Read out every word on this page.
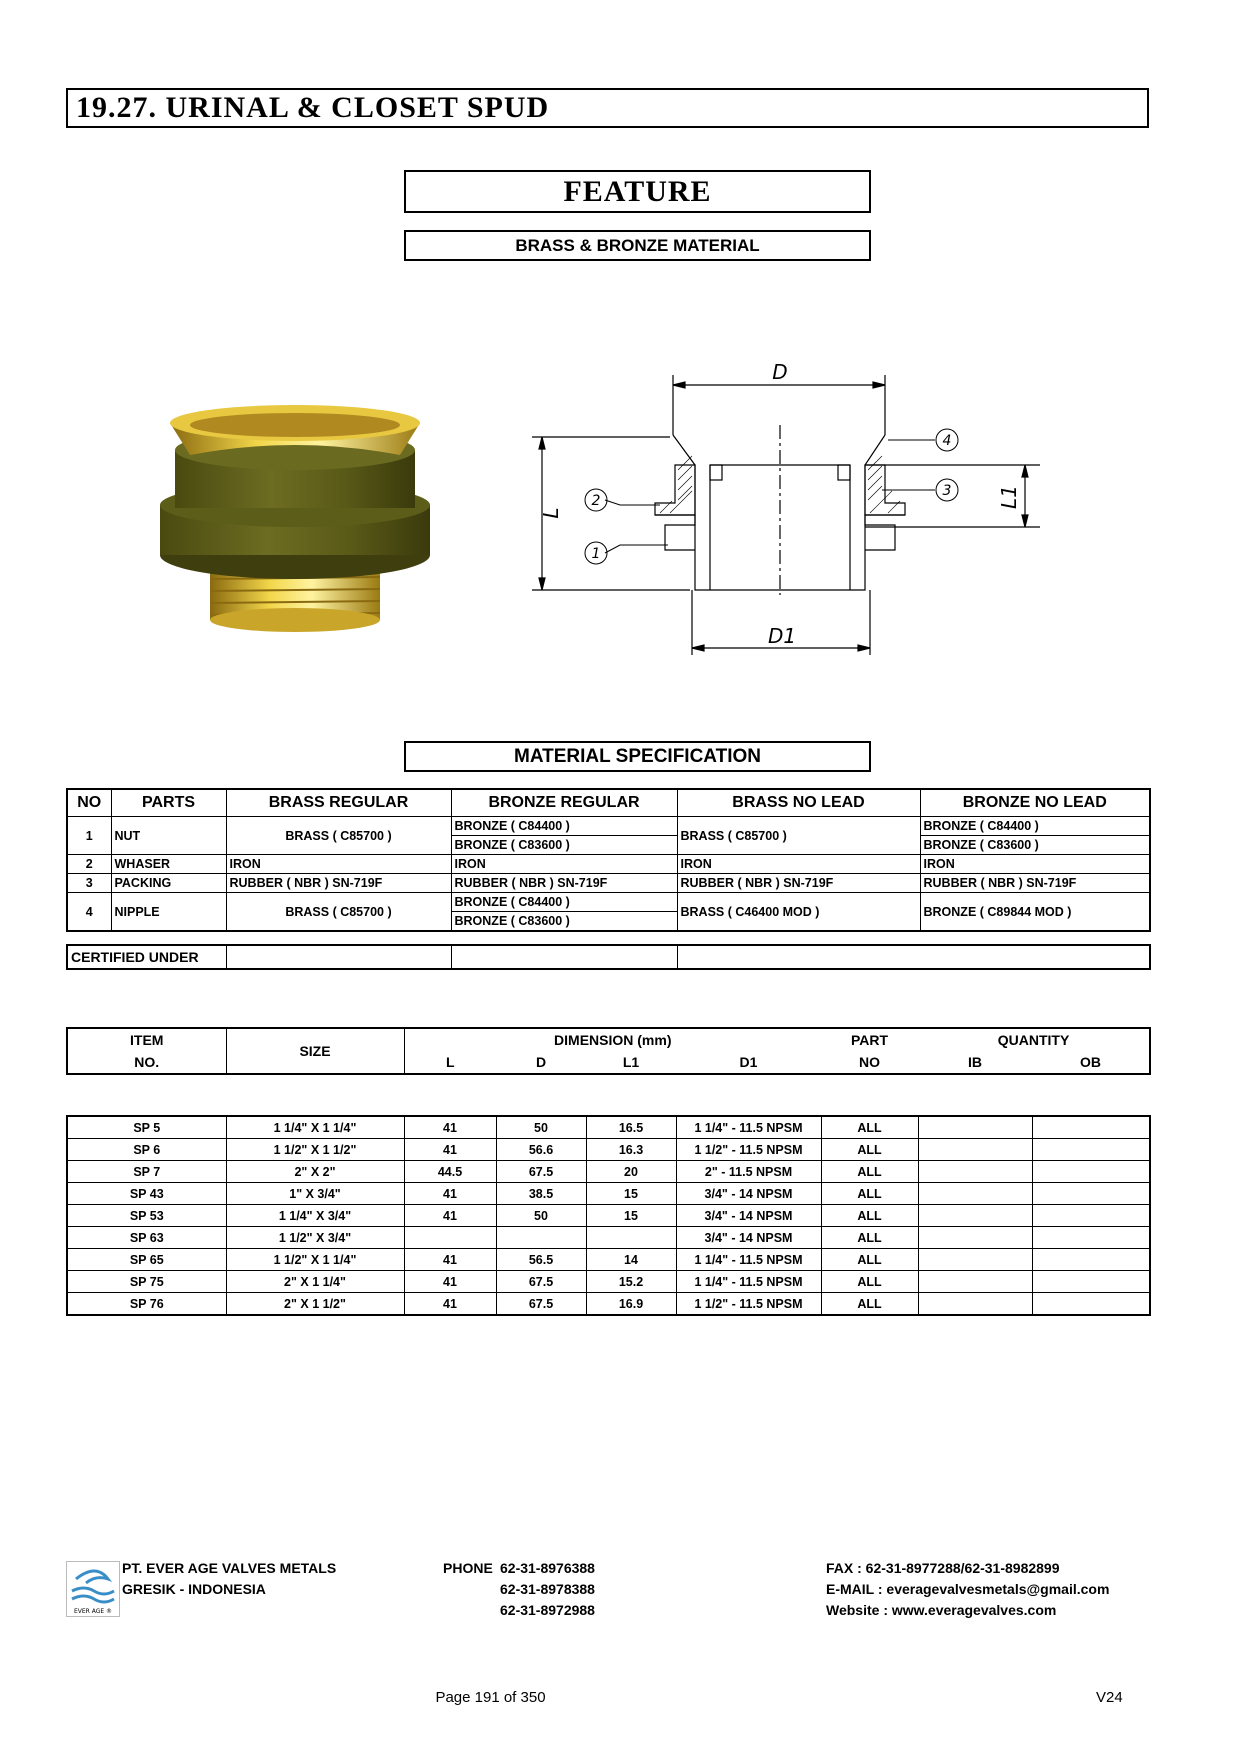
19.27. URINAL & CLOSET SPUD
FEATURE
BRASS & BRONZE MATERIAL
4
3
2
1
D
D1
L
L1
MATERIAL SPECIFICATION
NO	PARTS	BRASS REGULAR	BRONZE REGULAR	BRASS NO LEAD	BRONZE NO LEAD
1	NUT	BRASS ( C85700 )	BRONZE ( C84400 )	BRASS ( C85700 )	BRONZE ( C84400 )
			BRONZE ( C83600 )		BRONZE ( C83600 )
2	WHASER	IRON	IRON	IRON	IRON
3	PACKING	RUBBER ( NBR ) SN-719F	RUBBER ( NBR ) SN-719F	RUBBER ( NBR ) SN-719F	RUBBER ( NBR ) SN-719F
4	NIPPLE	BRASS ( C85700 )	BRONZE ( C84400 )	BRASS ( C46400 MOD )	BRONZE ( C89844 MOD )
			BRONZE ( C83600 )		
CERTIFIED UNDER			
ITEM	SIZE	DIMENSION (mm)				PART	QUANTITY	
NO.		L	D	L1	D1	NO	IB	OB
SP 5	1 1/4" X 1 1/4"	41	50	16.5	1 1/4" - 11.5 NPSM	ALL		
SP 6	1 1/2" X 1 1/2"	41	56.6	16.3	1 1/2" - 11.5 NPSM	ALL		
SP 7	2" X 2"	44.5	67.5	20	2" - 11.5 NPSM	ALL		
SP 43	1" X 3/4"	41	38.5	15	3/4" - 14 NPSM	ALL		
SP 53	1 1/4" X 3/4"	41	50	15	3/4" - 14 NPSM	ALL		
SP 63	1 1/2" X 3/4"				3/4" - 14 NPSM	ALL		
SP 65	1 1/2" X 1 1/4"	41	56.5	14	1 1/4" - 11.5 NPSM	ALL		
SP 75	2" X 1 1/4"	41	67.5	15.2	1 1/4" - 11.5 NPSM	ALL		
SP 76	2" X 1 1/2"	41	67.5	16.9	1 1/2" - 11.5 NPSM	ALL		
EVER AGE ®
PT. EVER AGE VALVES METALS
GRESIK - INDONESIA
PHONE 62-31-8976388
62-31-8978388
62-31-8972988
FAX : 62-31-8977288/62-31-8982899
E-MAIL : everagevalvesmetals@gmail.com
Website : www.everagevalves.com
Page 191 of 350	V24
